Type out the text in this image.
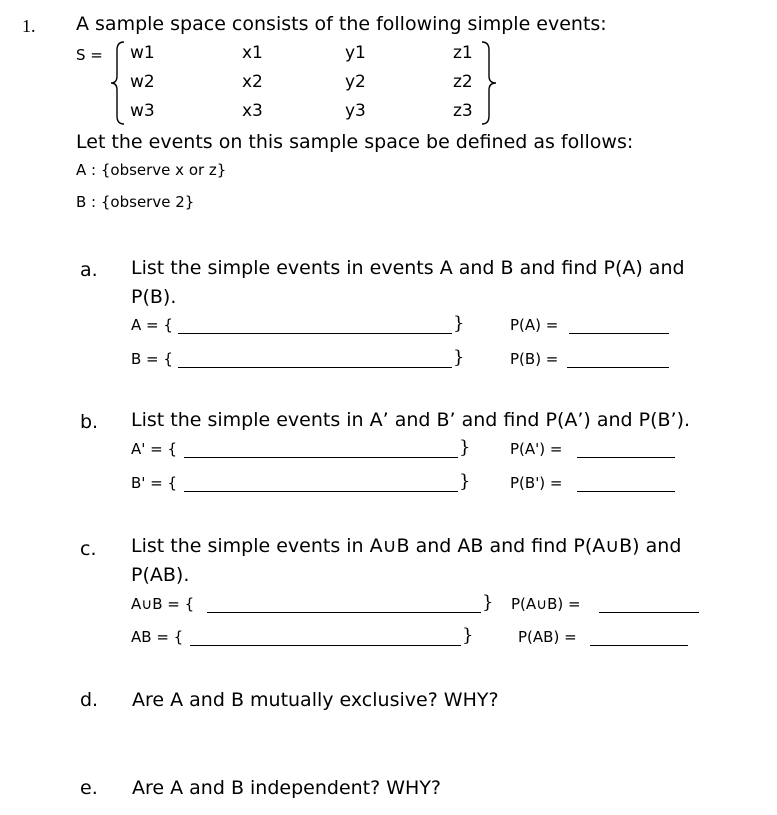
1. A sample space consists of the following simple events:
S = w1	x1	y1	z1
w2	x2	y2	z2
w3	x3	y3	z3
Let the events on this sample space be defined as follows:
A : {observe x or z}
B : {observe 2}
a. List the simple events in events A and B and find P(A) and
P(B).
A = {	}	P(A) =
B = {	}	P(B) =
b. List the simple events in A’ and B’ and find P(A’) and P(B’).
A' = {	}	P(A') =
B' = {	}	P(B') =
c. List the simple events in A∪B and AB and find P(A∪B) and
P(AB).
A∪B = {	} P(A∪B) =
AB = {	}	P(AB) =
d. Are A and B mutually exclusive? WHY?
e. Are A and B independent? WHY?
